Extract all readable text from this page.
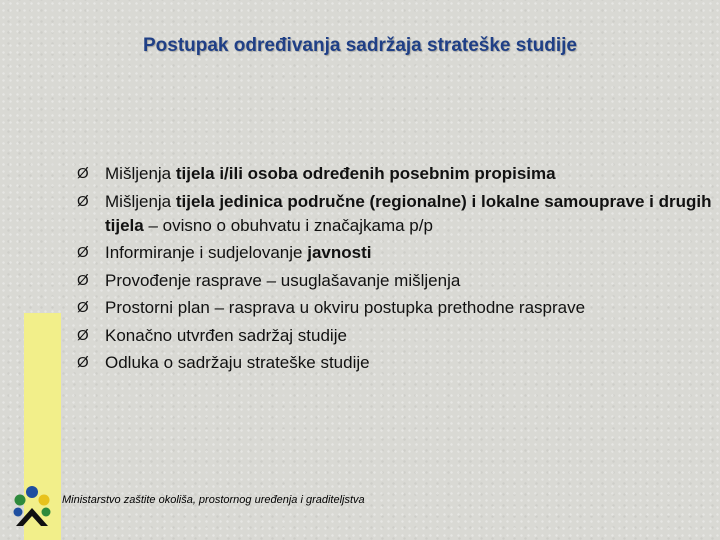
Postupak određivanja sadržaja strateške studije
Ø Mišljenja tijela i/ili osoba određenih posebnim propisima
Ø Mišljenja tijela jedinica područne (regionalne) i lokalne samouprave i drugih tijela – ovisno o obuhvatu i značajkama p/p
Ø Informiranje i sudjelovanje javnosti
Ø Provođenje rasprave – usuglašavanje mišljenja
Ø Prostorni plan – rasprava u okviru postupka prethodne rasprave
Ø Konačno utvrđen sadržaj studije
Ø Odluka o sadržaju strateške studije
Ministarstvo zaštite okoliša, prostornog uređenja i graditeljstva
